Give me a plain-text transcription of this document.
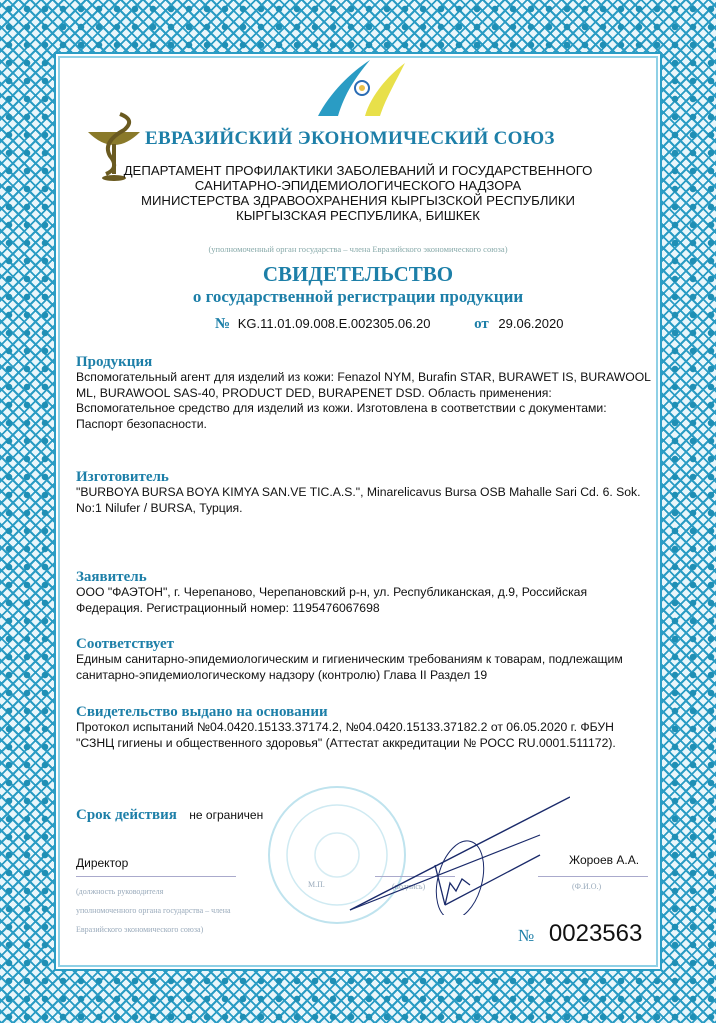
ЕВРАЗИЙСКИЙ ЭКОНОМИЧЕСКИЙ СОЮЗ
ДЕПАРТАМЕНТ ПРОФИЛАКТИКИ ЗАБОЛЕВАНИЙ И ГОСУДАРСТВЕННОГО
САНИТАРНО-ЭПИДЕМИОЛОГИЧЕСКОГО НАДЗОРА
МИНИСТЕРСТВА ЗДРАВООХРАНЕНИЯ КЫРГЫЗСКОЙ РЕСПУБЛИКИ
КЫРГЫЗСКАЯ РЕСПУБЛИКА, БИШКЕК
(уполномоченный орган государства – члена Евразийского экономического союза)
СВИДЕТЕЛЬСТВО
о государственной регистрации продукции
№ KG.11.01.09.008.E.002305.06.20	от 29.06.2020
Продукция
Вспомогательный агент для изделий из кожи: Fenazol NYM, Burafin STAR, BURAWET IS, BURAWOOL ML, BURAWOOL SAS-40, PRODUCT DED, BURAPENET DSD. Область применения: Вспомогательное средство для изделий из кожи. Изготовлена в соответствии с документами: Паспорт безопасности.
Изготовитель
"BURBOYA BURSA BOYA KIMYA SAN.VE TIC.A.S.", Minarelicavus Bursa OSB Mahalle Sari Cd. 6. Sok. No:1 Nilufer / BURSA, Турция.
Заявитель
ООО "ФАЭТОН", г. Черепаново, Черепановский р-н, ул. Республиканская, д.9, Российская Федерация. Регистрационный номер: 1195476067698
Соответствует
Единым санитарно-эпидемиологическим и гигиеническим требованиям к товарам, подлежащим санитарно-эпидемиологическому надзору (контролю) Глава II Раздел 19
Свидетельство выдано на основании
Протокол испытаний №04.0420.15133.37174.2, №04.0420.15133.37182.2 от 06.05.2020 г. ФБУН "СЗНЦ гигиены и общественного здоровья" (Аттестат аккредитации № РОСС RU.0001.511172).
Срок действия не ограничен
Директор	Жороев А.А.
(должность руководителя
уполномоченного органа государства – члена
Евразийского экономического союза)
М.П.	(подпись)	(Ф.И.О.)
№ 0023563
